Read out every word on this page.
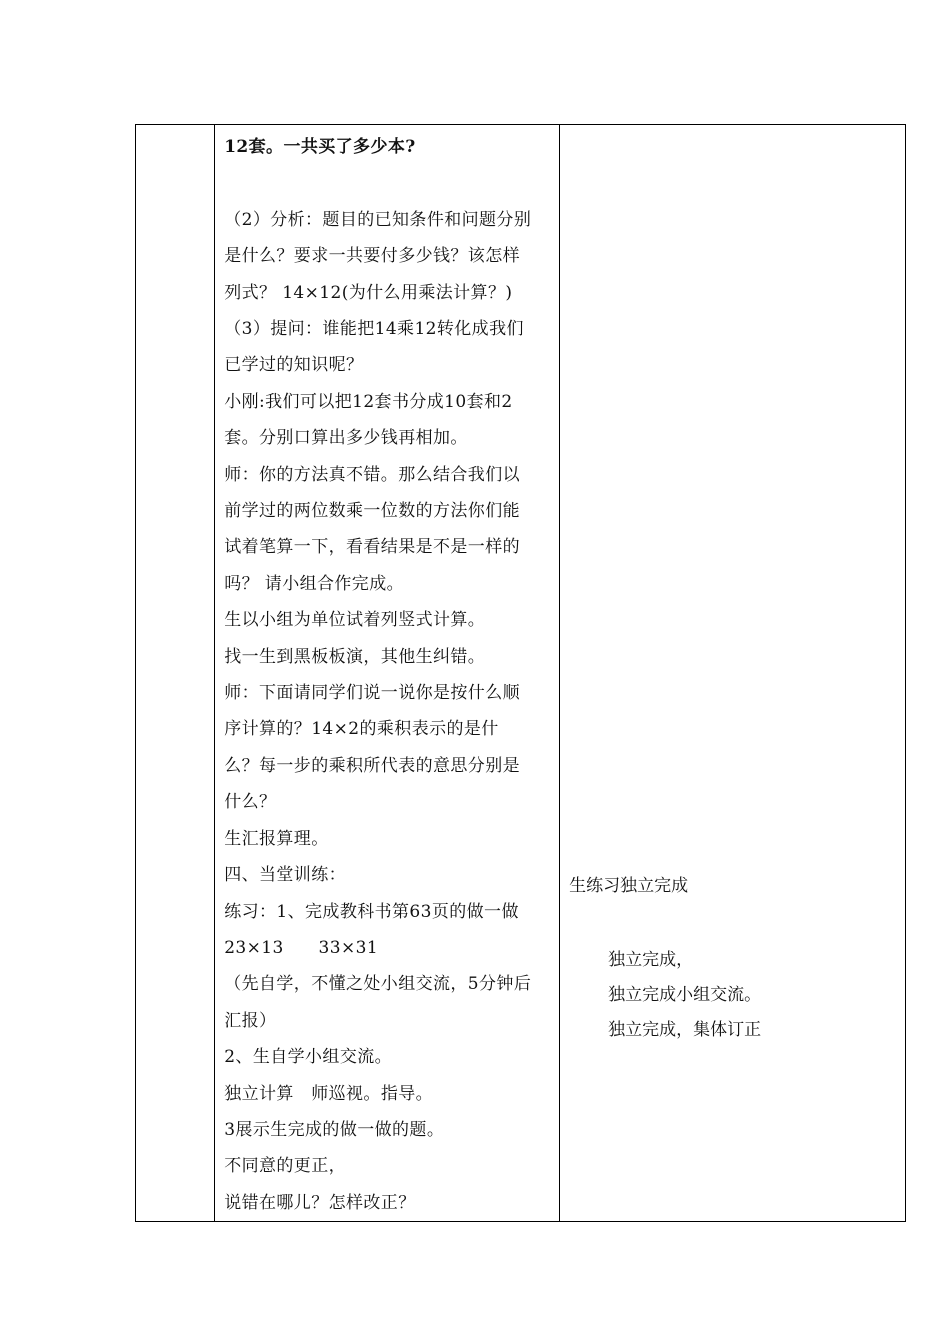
12套。一共买了多少本?
（2）分析：题目的已知条件和问题分别
是什么？要求一共要付多少钱？该怎样
列式？ 14×12(为什么用乘法计算？)
（3）提问：谁能把14乘12转化成我们
已学过的知识呢？
小刚:我们可以把12套书分成10套和2
套。分别口算出多少钱再相加。
师：你的方法真不错。那么结合我们以
前学过的两位数乘一位数的方法你们能
试着笔算一下，看看结果是不是一样的
吗？ 请小组合作完成。
生以小组为单位试着列竖式计算。
找一生到黑板板演，其他生纠错。
师：下面请同学们说一说你是按什么顺
序计算的？14×2的乘积表示的是什
么？每一步的乘积所代表的意思分别是
什么？
生汇报算理。
四、当堂训练：
练习：1、完成教科书第63页的做一做
23×13      33×31
（先自学，不懂之处小组交流，5分钟后
汇报）
2、生自学小组交流。
独立计算   师巡视。指导。
3展示生完成的做一做的题。
不同意的更正，
说错在哪儿？怎样改正？

生练习独立完成
独立完成，
独立完成小组交流。
独立完成，集体订正
